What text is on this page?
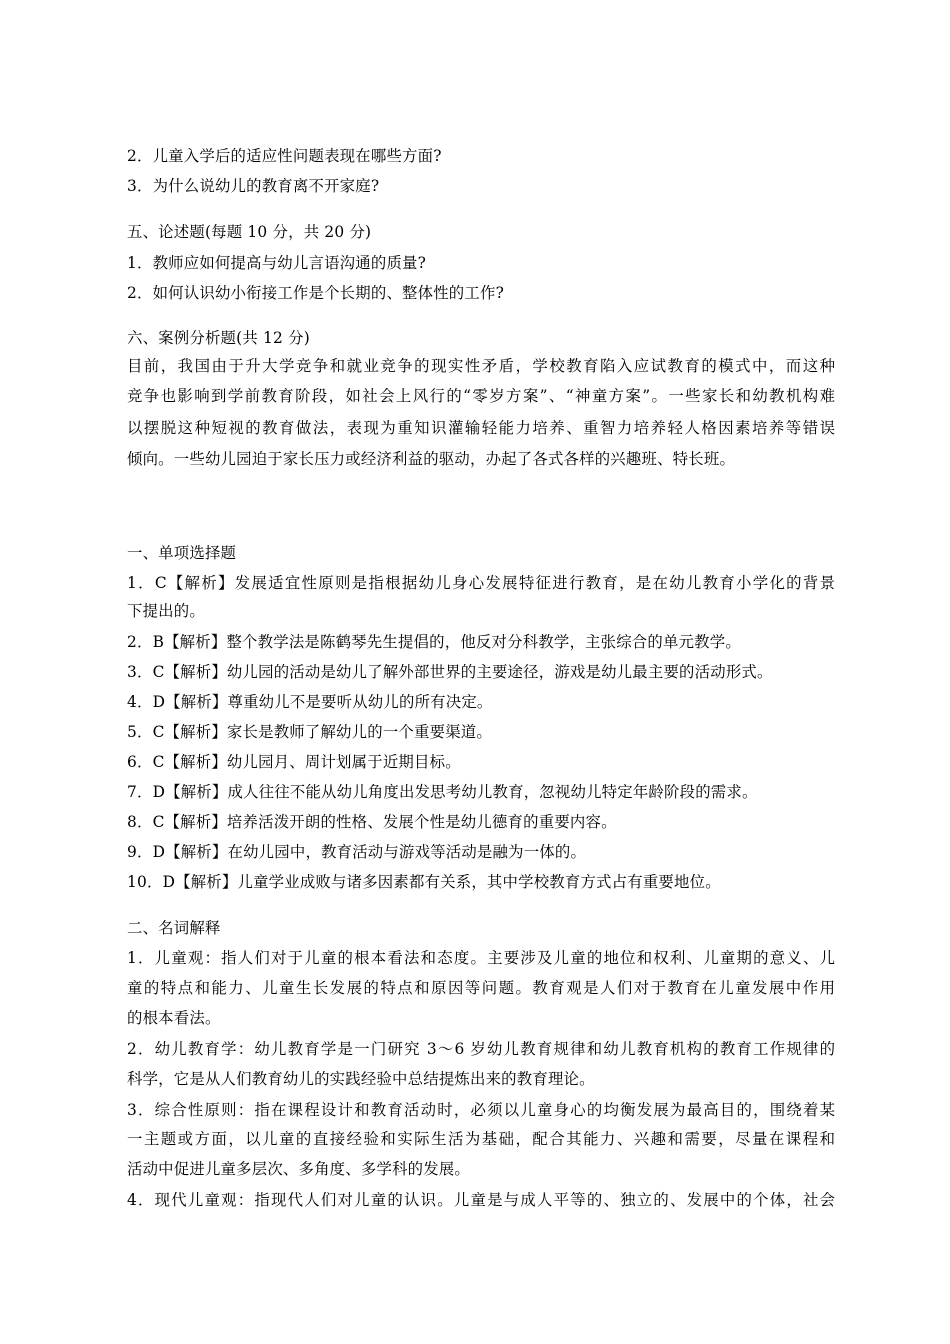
2．儿童入学后的适应性问题表现在哪些方面?
3．为什么说幼儿的教育离不开家庭?
五、论述题(每题 10 分，共 20 分)
1．教师应如何提高与幼儿言语沟通的质量?
2．如何认识幼小衔接工作是个长期的、整体性的工作?
六、案例分析题(共 12 分)
目前，我国由于升大学竞争和就业竞争的现实性矛盾，学校教育陷入应试教育的模式中，而这种
竞争也影响到学前教育阶段，如社会上风行的“零岁方案”、“神童方案”。一些家长和幼教机构难
以摆脱这种短视的教育做法，表现为重知识灌输轻能力培养、重智力培养轻人格因素培养等错误
倾向。一些幼儿园迫于家长压力或经济利益的驱动，办起了各式各样的兴趣班、特长班。
一、单项选择题
1．C【解析】发展适宜性原则是指根据幼儿身心发展特征进行教育，是在幼儿教育小学化的背景
下提出的。
2．B【解析】整个教学法是陈鹤琴先生提倡的，他反对分科教学，主张综合的单元教学。
3．C【解析】幼儿园的活动是幼儿了解外部世界的主要途径，游戏是幼儿最主要的活动形式。
4．D【解析】尊重幼儿不是要听从幼儿的所有决定。
5．C【解析】家长是教师了解幼儿的一个重要渠道。
6．C【解析】幼儿园月、周计划属于近期目标。
7．D【解析】成人往往不能从幼儿角度出发思考幼儿教育，忽视幼儿特定年龄阶段的需求。
8．C【解析】培养活泼开朗的性格、发展个性是幼儿德育的重要内容。
9．D【解析】在幼儿园中，教育活动与游戏等活动是融为一体的。
10．D【解析】儿童学业成败与诸多因素都有关系，其中学校教育方式占有重要地位。
二、名词解释
1．儿童观：指人们对于儿童的根本看法和态度。主要涉及儿童的地位和权利、儿童期的意义、儿
童的特点和能力、儿童生长发展的特点和原因等问题。教育观是人们对于教育在儿童发展中作用
的根本看法。
2．幼儿教育学：幼儿教育学是一门研究 3～6 岁幼儿教育规律和幼儿教育机构的教育工作规律的
科学，它是从人们教育幼儿的实践经验中总结提炼出来的教育理论。
3．综合性原则：指在课程设计和教育活动时，必须以儿童身心的均衡发展为最高目的，围绕着某
一主题或方面，以儿童的直接经验和实际生活为基础，配合其能力、兴趣和需要，尽量在课程和
活动中促进儿童多层次、多角度、多学科的发展。
4．现代儿童观：指现代人们对儿童的认识。儿童是与成人平等的、独立的、发展中的个体，社会
